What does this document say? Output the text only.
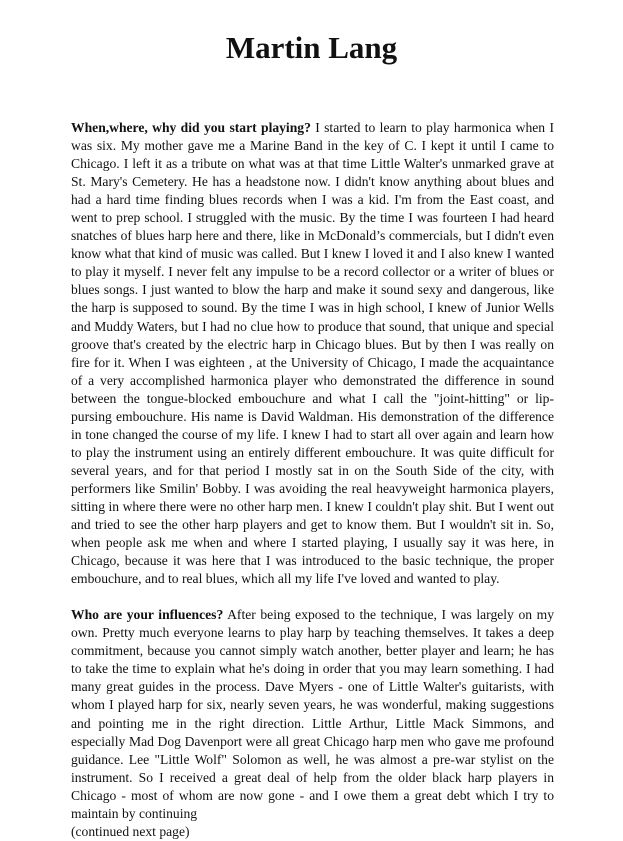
Martin Lang

When,where, why did you start playing? I started to learn to play harmonica when I was six. My mother gave me a Marine Band in the key of C. I kept it until I came to Chicago. I left it as a tribute on what was at that time Little Walter's unmarked grave at St. Mary's Cemetery. He has a headstone now. I didn't know anything about blues and had a hard time finding blues records when I was a kid. I'm from the East coast, and went to prep school. I struggled with the music. By the time I was fourteen I had heard snatches of blues harp here and there, like in McDonald’s commercials, but I didn't even know what that kind of music was called. But I knew I loved it and I also knew I wanted to play it myself. I never felt any impulse to be a record collector or a writer of blues or blues songs. I just wanted to blow the harp and make it sound sexy and dangerous, like the harp is supposed to sound. By the time I was in high school, I knew of Junior Wells and Muddy Waters, but I had no clue how to produce that sound, that unique and special groove that's created by the electric harp in Chicago blues. But by then I was really on fire for it. When I was eighteen , at the University of Chicago, I made the acquaintance of a very accomplished harmonica player who demonstrated the difference in sound between the tongue-blocked embouchure and what I call the "joint-hitting" or lip-pursing embouchure. His name is David Waldman. His demonstration of the difference in tone changed the course of my life. I knew I had to start all over again and learn how to play the instrument using an entirely different embouchure. It was quite difficult for several years, and for that period I mostly sat in on the South Side of the city, with performers like Smilin' Bobby. I was avoiding the real heavyweight harmonica players, sitting in where there were no other harp men. I knew I couldn't play shit. But I went out and tried to see the other harp players and get to know them. But I wouldn't sit in. So, when people ask me when and where I started playing, I usually say it was here, in Chicago, because it was here that I was introduced to the basic technique, the proper embouchure, and to real blues, which all my life I've loved and wanted to play.

Who are your influences? After being exposed to the technique, I was largely on my own. Pretty much everyone learns to play harp by teaching themselves. It takes a deep commitment, because you cannot simply watch another, better player and learn; he has to take the time to explain what he's doing in order that you may learn something. I had many great guides in the process. Dave Myers - one of Little Walter's guitarists, with whom I played harp for six, nearly seven years, he was wonderful, making suggestions and pointing me in the right direction. Little Arthur, Little Mack Simmons, and especially Mad Dog Davenport were all great Chicago harp men who gave me profound guidance. Lee "Little Wolf" Solomon as well, he was almost a pre-war stylist on the instrument. So I received a great deal of help from the older black harp players in Chicago - most of whom are now gone - and I owe them a great debt which I try to maintain by continuing
(continued next page)
